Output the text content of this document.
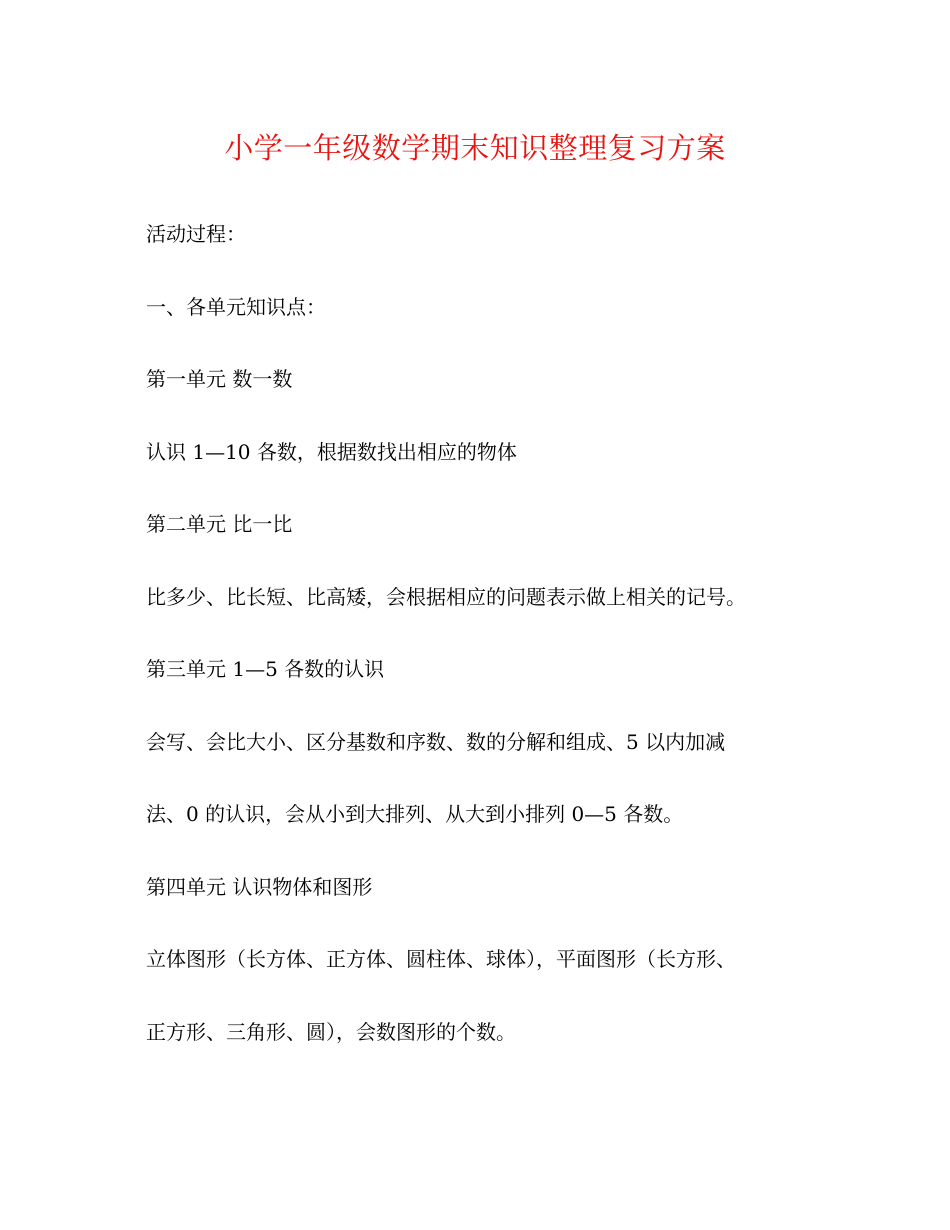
小学一年级数学期末知识整理复习方案
活动过程：
一、各单元知识点：
第一单元 数一数
认识 1—10 各数，根据数找出相应的物体
第二单元 比一比
比多少、比长短、比高矮，会根据相应的问题表示做上相关的记号。
第三单元 1—5 各数的认识
会写、会比大小、区分基数和序数、数的分解和组成、5 以内加减
法、0 的认识，会从小到大排列、从大到小排列 0—5 各数。
第四单元 认识物体和图形
立体图形（长方体、正方体、圆柱体、球体），平面图形（长方形、
正方形、三角形、圆），会数图形的个数。
